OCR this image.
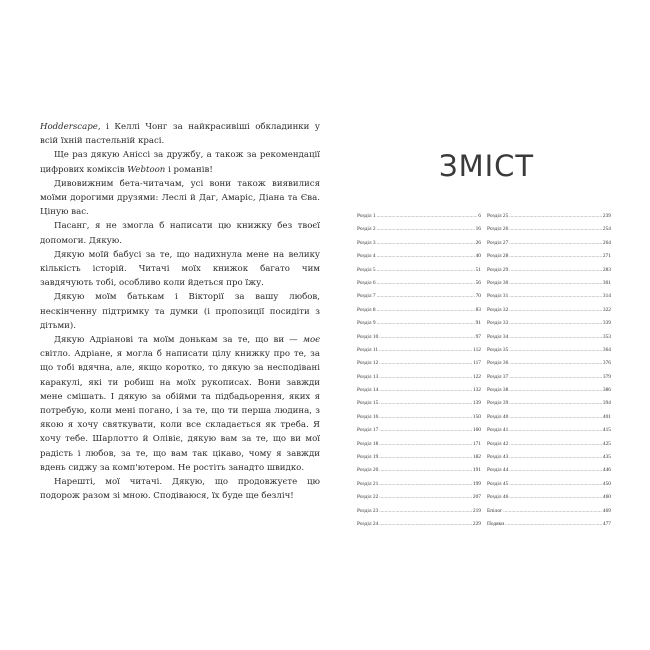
Hodderscape, і Келлі Чонг за найкрасивіші обкладинки у всій їхній пастельній красі.

Ще раз дякую Аніссі за дружбу, а також за рекомендації цифрових коміксів Webtoon і романів!

Дивовижним бета-читачам, усі вони також виявилися моїми дорогими друзями: Леслі й Даг, Амаріс, Діана та Єва. Ціную вас.

Пасанг, я не змогла б написати цю книжку без твоєї допомоги. Дякую.

Дякую моїй бабусі за те, що надихнула мене на велику кількість історій. Читачі моїх книжок багато чим завдячують тобі, особливо коли йдеться про їжу.

Дякую моїм батькам і Вікторії за вашу любов, нескінченну підтримку та думки (і пропозиції посидіти з дітьми).

Дякую Адріанові та моїм донькам за те, що ви — моє світло. Адріане, я могла б написати цілу книжку про те, за що тобі вдячна, але, якщо коротко, то дякую за несподівані каракулі, які ти робиш на моїх рукописах. Вони завжди мене смішать. І дякую за обійми та підбадьорення, яких я потребую, коли мені погано, і за те, що ти перша людина, з якою я хочу святкувати, коли все складається як треба. Я хочу тебе. Шарлотто й Олівіє, дякую вам за те, що ви мої радість і любов, за те, що вам так цікаво, чому я завжди вдень сиджу за комп'ютером. Не ростіть занадто швидко.

Нарешті, мої читачі. Дякую, що продовжуєте цю подорож разом зі мною. Сподіваюся, їх буде ще безліч!

ЗМІСТ
Розділ 1 .....	6
Розділ 2 .....	16
Розділ 3 .....	26
Розділ 4 .....	40
Розділ 5 .....	51
Розділ 6 .....	56
Розділ 7 .....	70
Розділ 8 .....	83
Розділ 9 .....	91
Розділ 10 .....	97
Розділ 11 .....	112
Розділ 12 .....	117
Розділ 13 .....	122
Розділ 14 .....	132
Розділ 15 .....	139
Розділ 16 .....	150
Розділ 17 .....	160
Розділ 18 .....	171
Розділ 19 .....	182
Розділ 20 .....	191
Розділ 21 .....	199
Розділ 22 .....	207
Розділ 23 .....	219
Розділ 24 .....	229
Розділ 25 .....	239
Розділ 26 .....	254
Розділ 27 .....	264
Розділ 28 .....	271
Розділ 29 .....	283
Розділ 30 .....	301
Розділ 31 .....	314
Розділ 32 .....	322
Розділ 33 .....	339
Розділ 34 .....	353
Розділ 35 .....	364
Розділ 36 .....	376
Розділ 37 .....	379
Розділ 38 .....	386
Розділ 39 .....	394
Розділ 40 .....	401
Розділ 41 .....	415
Розділ 42 .....	425
Розділ 43 .....	435
Розділ 44 .....	446
Розділ 45 .....	450
Розділ 46 .....	460
Епілог .....	469
Подяки .....	477
